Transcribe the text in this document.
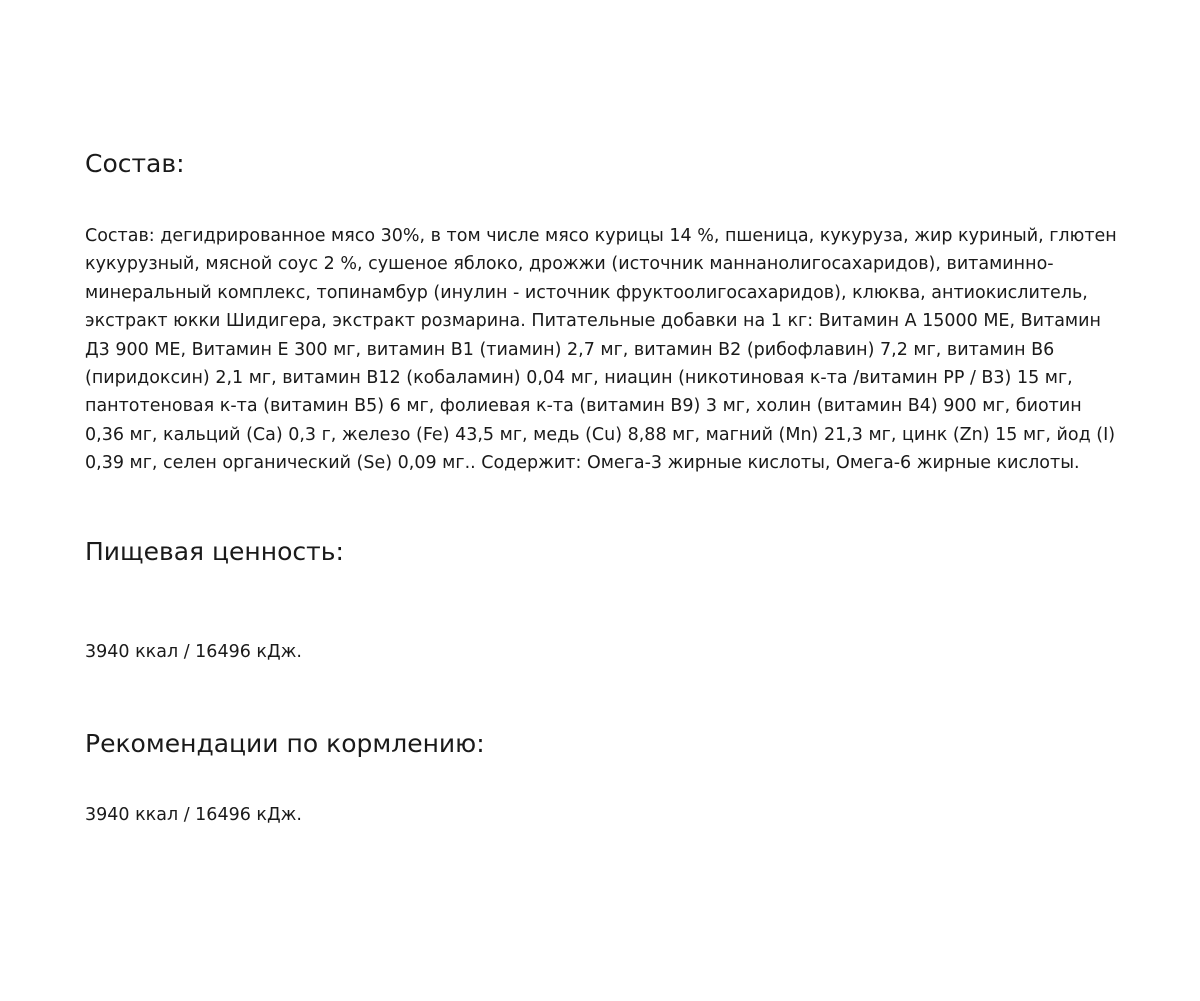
Состав:

Состав: дегидрированное мясо 30%, в том числе мясо курицы 14 %, пшеница, кукуруза, жир куриный, глютен кукурузный, мясной соус 2 %, сушеное яблоко, дрожжи (источник маннанолигосахаридов), витаминно-минеральный комплекс, топинамбур (инулин - источник фруктоолигосахаридов), клюква, антиокислитель, экстракт юкки Шидигера, экстракт розмарина. Питательные добавки на 1 кг: Витамин А 15000 МЕ, Витамин Д3 900 МЕ, Витамин Е 300 мг, витамин В1 (тиамин) 2,7 мг, витамин В2 (рибофлавин) 7,2 мг, витамин В6 (пиридоксин) 2,1 мг, витамин В12 (кобаламин) 0,04 мг, ниацин (никотиновая к-та /витамин РР / В3) 15 мг, пантотеновая к-та (витамин В5) 6 мг, фолиевая к-та (витамин В9) 3 мг, холин (витамин В4) 900 мг, биотин 0,36 мг, кальций (Са) 0,3 г, железо (Fe) 43,5 мг, медь (Cu) 8,88 мг, магний (Mn) 21,3 мг, цинк (Zn) 15 мг, йод (I) 0,39 мг, селен органический (Se) 0,09 мг.. Содержит: Омега-3 жирные кислоты, Омега-6 жирные кислоты.

Пищевая ценность:

3940 ккал / 16496 кДж.

Рекомендации по кормлению:

3940 ккал / 16496 кДж.
